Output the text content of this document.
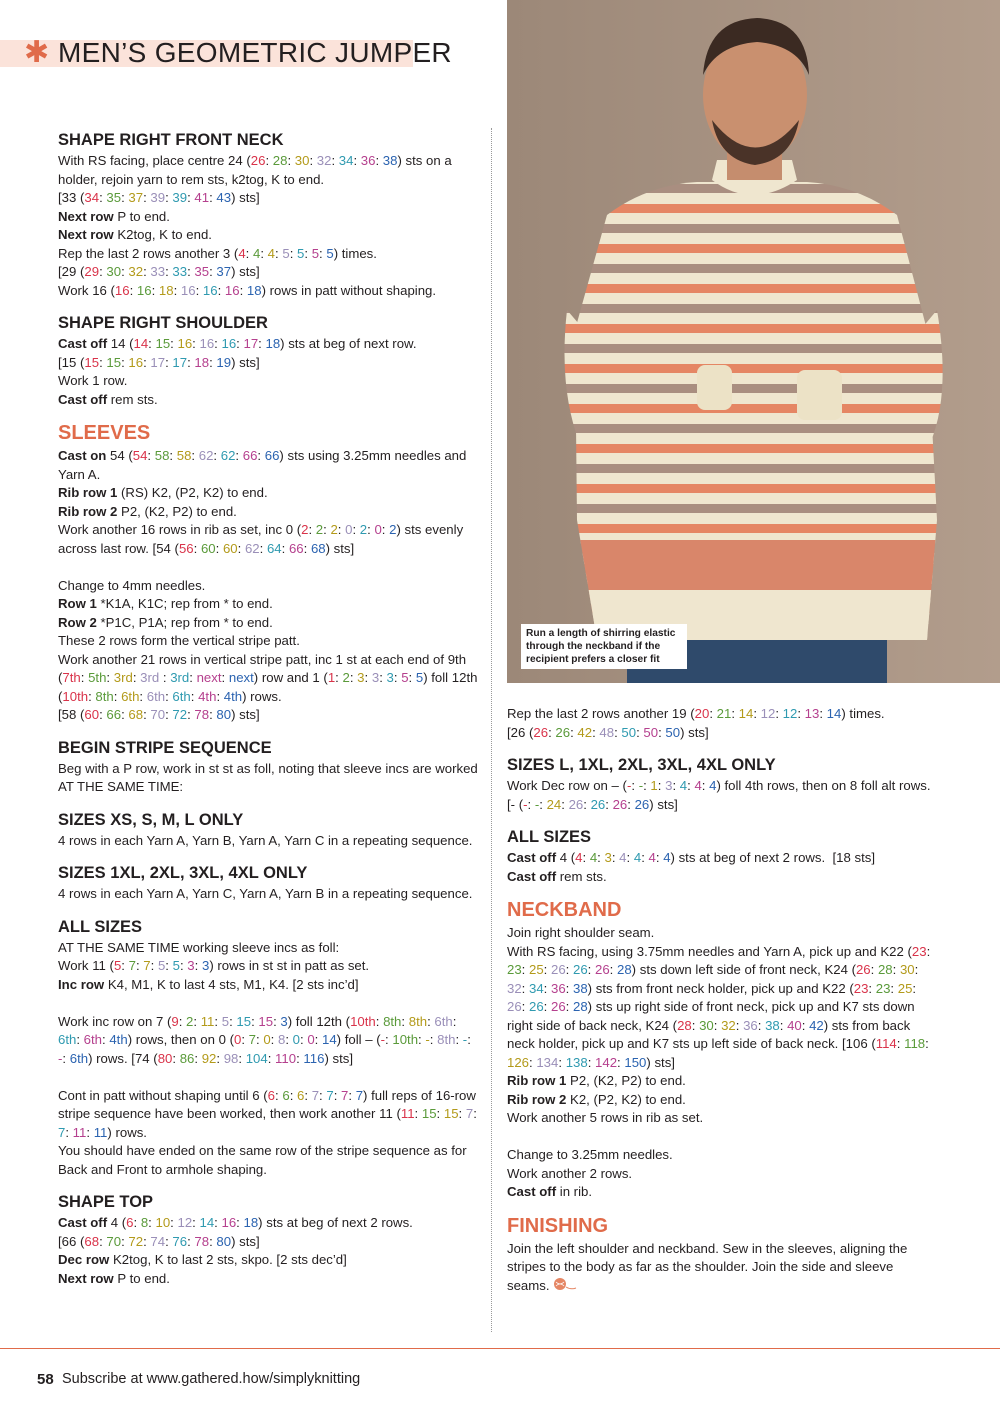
✱ MEN’S GEOMETRIC JUMPER
SHAPE RIGHT FRONT NECK

With RS facing, place centre 24 (26: 28: 30: 32: 34: 36: 38) sts on a holder, rejoin yarn to rem sts, k2tog, K to end.

[33 (34: 35: 37: 39: 39: 41: 43) sts]

Next row P to end.

Next row K2tog, K to end.

Rep the last 2 rows another 3 (4: 4: 4: 5: 5: 5: 5) times.

[29 (29: 30: 32: 33: 33: 35: 37) sts]

Work 16 (16: 16: 18: 16: 16: 16: 18) rows in patt without shaping.

SHAPE RIGHT SHOULDER

Cast off 14 (14: 15: 16: 16: 16: 17: 18) sts at beg of next row.

[15 (15: 15: 16: 17: 17: 18: 19) sts]

Work 1 row.

Cast off rem sts.

SLEEVES

Cast on 54 (54: 58: 58: 62: 62: 66: 66) sts using 3.25mm needles and Yarn A.

Rib row 1 (RS) K2, (P2, K2) to end.

Rib row 2 P2, (K2, P2) to end.

Work another 16 rows in rib as set, inc 0 (2: 2: 2: 0: 2: 0: 2) sts evenly across last row. [54 (56: 60: 60: 62: 64: 66: 68) sts]

Change to 4mm needles.

Row 1 *K1A, K1C; rep from * to end.

Row 2 *P1C, P1A; rep from * to end.

These 2 rows form the vertical stripe patt.

Work another 21 rows in vertical stripe patt, inc 1 st at each end of 9th (7th: 5th: 3rd: 3rd : 3rd: next: next) row and 1 (1: 2: 3: 3: 3: 5: 5) foll 12th (10th: 8th: 6th: 6th: 6th: 4th: 4th) rows.

[58 (60: 66: 68: 70: 72: 78: 80) sts]

BEGIN STRIPE SEQUENCE

Beg with a P row, work in st st as foll, noting that sleeve incs are worked AT THE SAME TIME:

SIZES XS, S, M, L ONLY

4 rows in each Yarn A, Yarn B, Yarn A, Yarn C in a repeating sequence.

SIZES 1XL, 2XL, 3XL, 4XL ONLY

4 rows in each Yarn A, Yarn C, Yarn A, Yarn B in a repeating sequence.

ALL SIZES

AT THE SAME TIME working sleeve incs as foll:

Work 11 (5: 7: 7: 5: 5: 3: 3) rows in st st in patt as set.

Inc row K4, M1, K to last 4 sts, M1, K4. [2 sts inc’d]

Work inc row on 7 (9: 2: 11: 5: 15: 15: 3) foll 12th (10th: 8th: 8th: 6th: 6th: 6th: 4th) rows, then on 0 (0: 7: 0: 8: 0: 0: 14) foll – (-: 10th: -: 8th: -: -: 6th) rows. [74 (80: 86: 92: 98: 104: 110: 116) sts]

Cont in patt without shaping until 6 (6: 6: 6: 7: 7: 7: 7) full reps of 16-row stripe sequence have been worked, then work another 11 (11: 15: 15: 7: 7: 11: 11) rows.

You should have ended on the same row of the stripe sequence as for Back and Front to armhole shaping.

SHAPE TOP

Cast off 4 (6: 8: 10: 12: 14: 16: 18) sts at beg of next 2 rows.

[66 (68: 70: 72: 74: 76: 78: 80) sts]

Dec row K2tog, K to last 2 sts, skpo. [2 sts dec’d]

Next row P to end.

Run a length of shirring elastic through the neckband if the recipient prefers a closer fit

Rep the last 2 rows another 19 (20: 21: 14: 12: 12: 13: 14) times.

[26 (26: 26: 42: 48: 50: 50: 50) sts]

SIZES L, 1XL, 2XL, 3XL, 4XL ONLY

Work Dec row on – (-: -: 1: 3: 4: 4: 4) foll 4th rows, then on 8 foll alt rows. [- (-: -: 24: 26: 26: 26: 26) sts]

ALL SIZES

Cast off 4 (4: 4: 3: 4: 4: 4: 4) sts at beg of next 2 rows.  [18 sts]

Cast off rem sts.

NECKBAND

Join right shoulder seam.

With RS facing, using 3.75mm needles and Yarn A, pick up and K22 (23: 23: 25: 26: 26: 26: 28) sts down left side of front neck, K24 (26: 28: 30: 32: 34: 36: 38) sts from front neck holder, pick up and K22 (23: 23: 25: 26: 26: 26: 28) sts up right side of front neck, pick up and K7 sts down right side of back neck, K24 (28: 30: 32: 36: 38: 40: 42) sts from back neck holder, pick up and K7 sts up left side of back neck. [106 (114: 118: 126: 134: 138: 142: 150) sts]

Rib row 1 P2, (K2, P2) to end.

Rib row 2 K2, (P2, K2) to end.

Work another 5 rows in rib as set.

Change to 3.25mm needles.

Work another 2 rows.

Cast off in rib.

FINISHING

Join the left shoulder and neckband. Sew in the sleeves, aligning the stripes to the body as far as the shoulder. Join the side and sleeve seams.

58 Subscribe at www.gathered.how/simplyknitting
